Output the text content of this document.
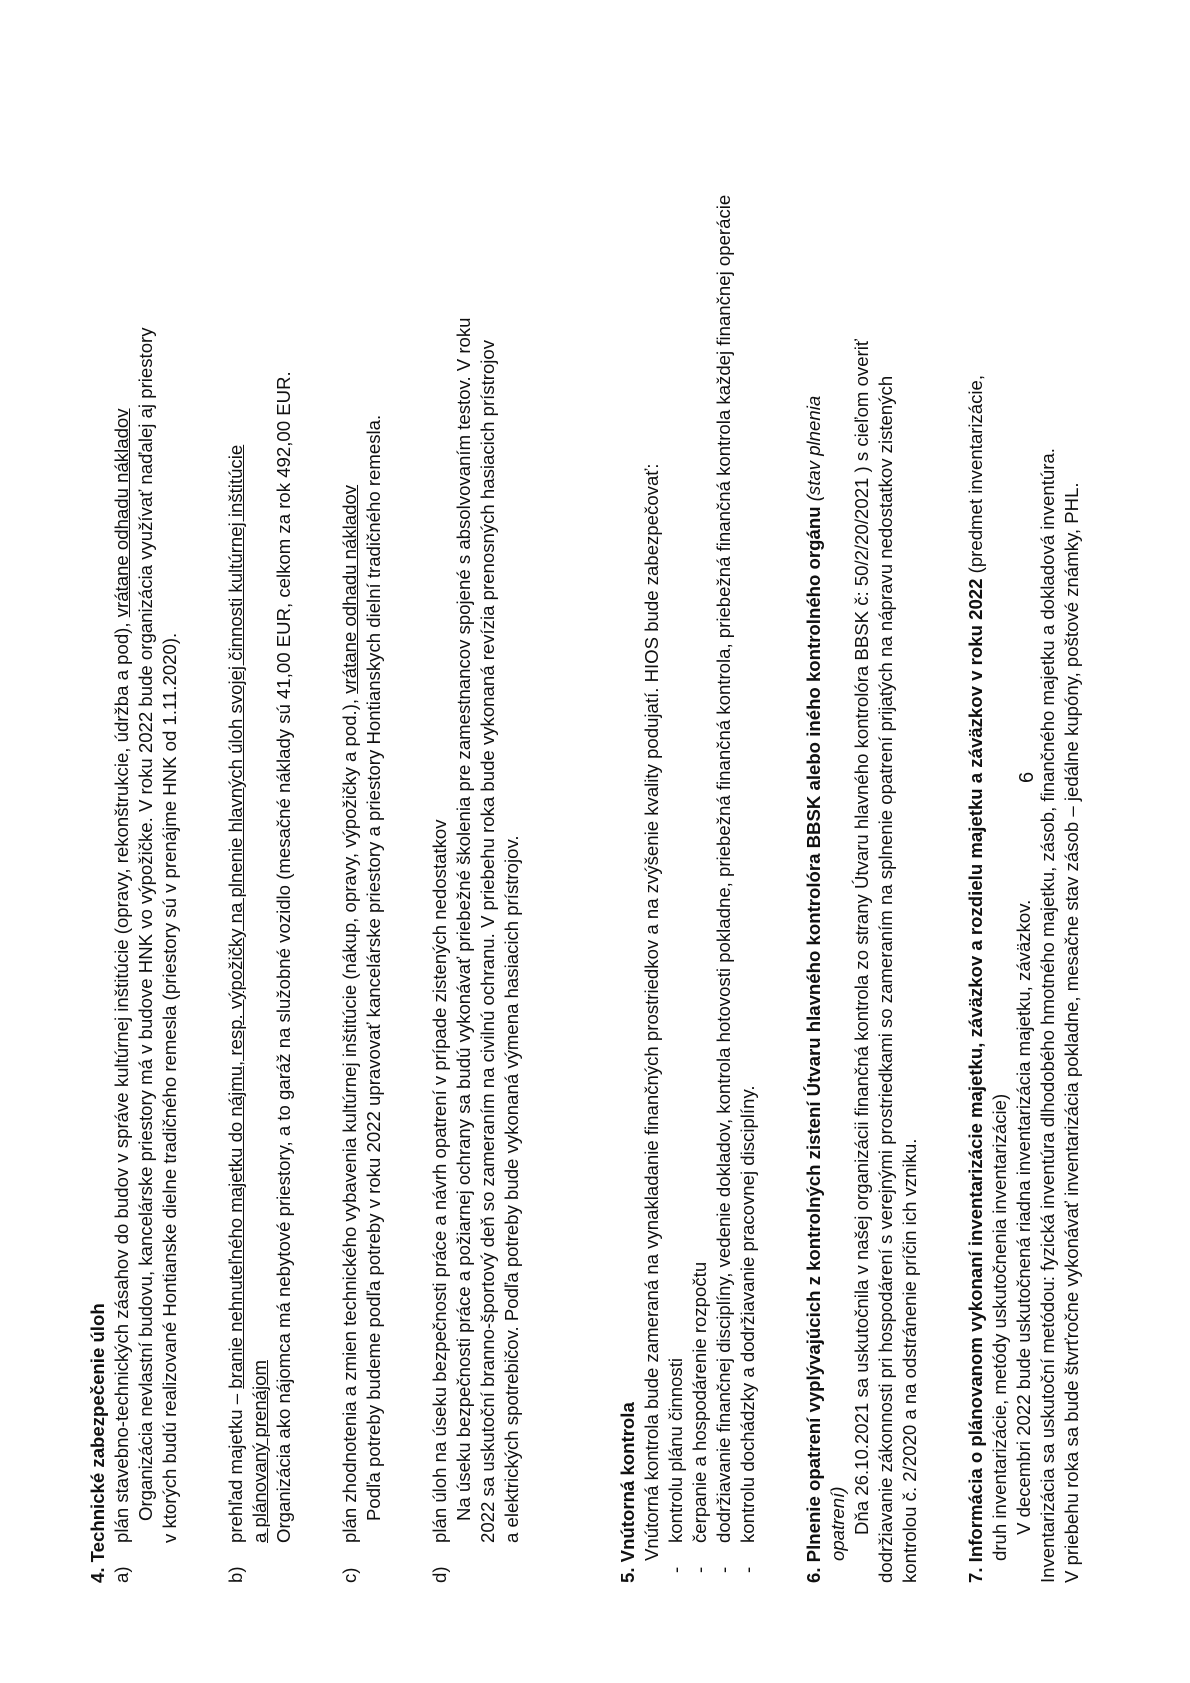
4. Technické zabezpečenie úloh a)

plán stavebno-technických zásahov do budov v správe kultúrnej inštitúcie (opravy, rekonštrukcie, údržba a pod), vrátane odhadu nákladov Organizácia nevlastní budovu, kancelárske priestory má v budove HNK vo výpožičke. V roku 2022 bude organizácia využívať naďalej aj priestory v ktorých budú realizované Hontianske dielne tradičného remesla (priestory sú v prenájme HNK od 1.11.2020).

b)

prehľad majetku – branie nehnuteľného majetku do nájmu, resp. výpožičky na plnenie hlavných úloh svojej činnosti kultúrnej inštitúcie

a plánovaný prenájom Organizácia ako nájomca má nebytové priestory, a to garáž na služobné vozidlo (mesačné náklady sú 41,00 EUR, celkom za rok 492,00 EUR.

c)

plán zhodnotenia a zmien technického vybavenia kultúrnej inštitúcie (nákup, opravy, výpožičky a pod.), vrátane odhadu nákladov Podľa potreby budeme podľa potreby v roku 2022 upravovať kancelárske priestory a priestory Hontianskych dielní tradičného remesla.

d)

plán úloh na úseku bezpečnosti práce a návrh opatrení v prípade zistených nedostatkov Na úseku bezpečnosti práce a požiarnej ochrany sa budú vykonávať priebežné školenia pre zamestnancov spojené s absolvovaním testov. V roku 2022 sa uskutoční branno-športový deň so zameraním na civilnú ochranu. V priebehu roka bude vykonaná revízia prenosných hasiacich prístrojov a elektrických spotrebičov. Podľa potreby bude vykonaná výmena hasiacich prístrojov.	5. Vnútorná kontrola Vnútorná kontrola bude zameraná na vynakladanie finančných prostriedkov a na zvýšenie kvality podujatí. HIOS bude zabezpečovať:

-
kontrolu plánu činnosti
-
čerpanie a hospodárenie rozpočtu
-
dodržiavanie finančnej disciplíny, vedenie dokladov, kontrola hotovosti pokladne, priebežná finančná kontrola, priebežná finančná kontrola každej finančnej operácie
-
kontrolu dochádzky a dodržiavanie pracovnej disciplíny. 6. Plnenie opatrení vyplývajúcich z kontrolných zistení Útvaru hlavného kontrolóra BBSK alebo iného kontrolného orgánu (stav plnenia

opatrení) Dňa 26.10.2021 sa uskutočnila v našej organizácii finančná kontrola zo strany Útvaru hlavného kontrolóra BBSK č: 50/2/20/2021 ) s cieľom overiť dodržiavanie zákonnosti pri hospodárení s verejnými prostriedkami so zameraním na splnenie opatrení prijatých na nápravu nedostatkov zistených kontrolou č. 2/2020 a na odstránenie príčin ich vzniku. 7. Informácia o plánovanom vykonaní inventarizácie majetku, záväzkov a rozdielu majetku a záväzkov v roku 2022 (predmet inventarizácie,

druh inventarizácie, metódy uskutočnenia inventarizácie) V decembri 2022 bude uskutočnená riadna inventarizácia majetku, záväzkov. Inventarizácia sa uskutoční metódou: fyzická inventúra dlhodobého hmotného majetku, zásob, finančného majetku a dokladová inventúra. V priebehu roka sa bude štvrťročne vykonávať inventarizácia pokladne, mesačne stav zásob – jedálne kupóny, poštové známky, PHL.

6
